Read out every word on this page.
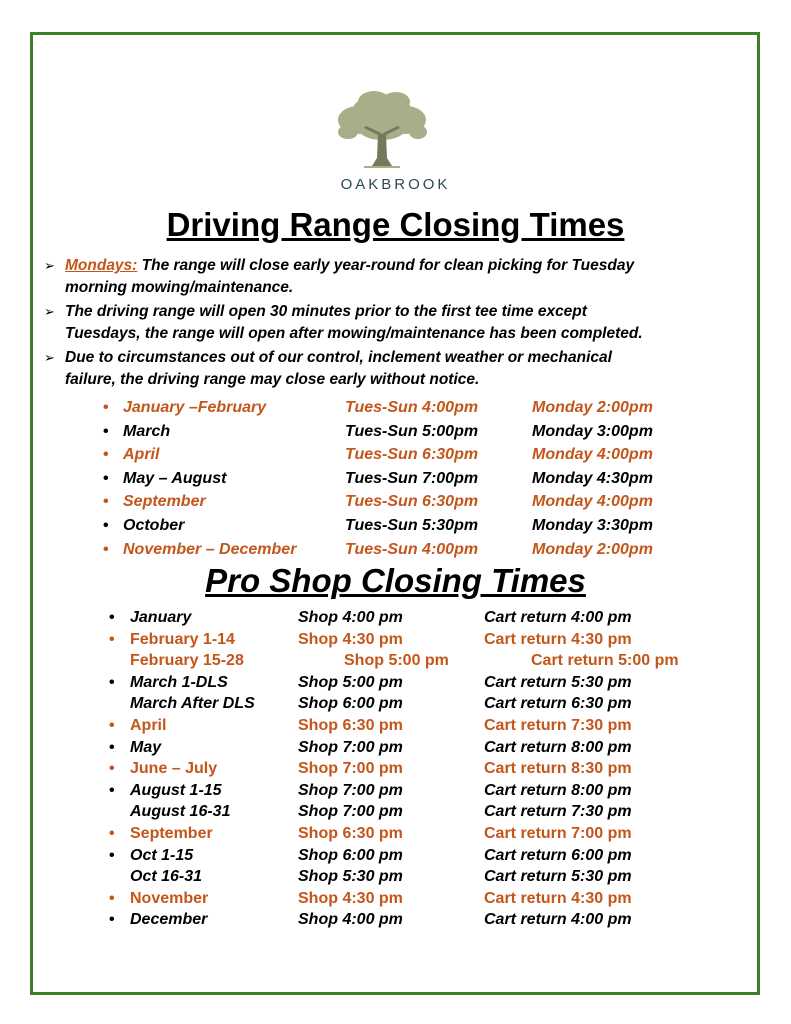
OAKBROOK
Driving Range Closing Times
➢ Mondays: The range will close early year-round for clean picking for Tuesday
morning mowing/maintenance.
➢ The driving range will open 30 minutes prior to the first tee time except
Tuesdays, the range will open after mowing/maintenance has been completed.
➢ Due to circumstances out of our control, inclement weather or mechanical
failure, the driving range may close early without notice.
• January –February	Tues-Sun 4:00pm	Monday 2:00pm
• March	Tues-Sun 5:00pm	Monday 3:00pm
• April	Tues-Sun 6:30pm	Monday 4:00pm
• May – August	Tues-Sun 7:00pm	Monday 4:30pm
• September	Tues-Sun 6:30pm	Monday 4:00pm
• October	Tues-Sun 5:30pm	Monday 3:30pm
• November – December	Tues-Sun 4:00pm	Monday 2:00pm
Pro Shop Closing Times
• January	Shop 4:00 pm	Cart return 4:00 pm
• February 1-14	Shop 4:30 pm	Cart return 4:30 pm
February 15-28	Shop 5:00 pm	Cart return 5:00 pm
• March 1-DLS	Shop 5:00 pm	Cart return 5:30 pm
March After DLS	Shop 6:00 pm	Cart return 6:30 pm
• April	Shop 6:30 pm	Cart return 7:30 pm
• May	Shop 7:00 pm	Cart return 8:00 pm
• June – July	Shop 7:00 pm	Cart return 8:30 pm
• August 1-15	Shop 7:00 pm	Cart return 8:00 pm
August 16-31	Shop 7:00 pm	Cart return 7:30 pm
• September	Shop 6:30 pm	Cart return 7:00 pm
• Oct 1-15	Shop 6:00 pm	Cart return 6:00 pm
Oct 16-31	Shop 5:30 pm	Cart return 5:30 pm
• November	Shop 4:30 pm	Cart return 4:30 pm
• December	Shop 4:00 pm	Cart return 4:00 pm
